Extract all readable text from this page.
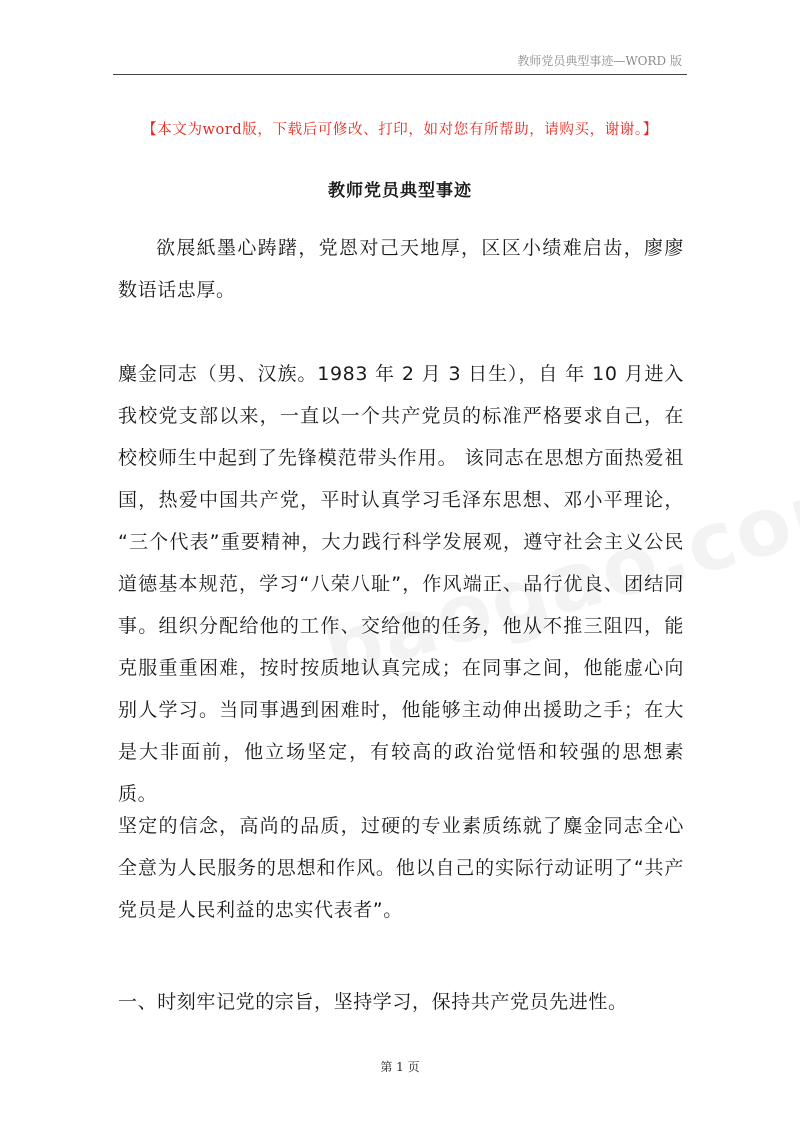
教师党员典型事迹—WORD 版
【本文为word版，下载后可修改、打印，如对您有所帮助，请购买，谢谢。】
教师党员典型事迹

欲展紙墨心踌躇，党恩对己天地厚，区区小绩难启齿，廖廖数语话忠厚。

麋金同志（男、汉族。1983 年 2 月 3 日生），自 年 10 月进入我校党支部以来，一直以一个共产党员的标准严格要求自己，在校校师生中起到了先锋模范带头作用。 该同志在思想方面热爱祖国，热爱中国共产党，平时认真学习毛泽东思想、邓小平理论， “三个代表”重要精神，大力践行科学发展观，遵守社会主义公民道德基本规范，学习“八荣八耻”，作风端正、品行优良、团结同事。组织分配给他的工作、交给他的任务，他从不推三阻四，能克服重重困难，按时按质地认真完成；在同事之间，他能虚心向别人学习。当同事遇到困难时，他能够主动伸出援助之手；在大是大非面前，他立场坚定，有较高的政治觉悟和较强的思想素质。

坚定的信念，高尚的品质，过硬的专业素质练就了麋金同志全心全意为人民服务的思想和作风。他以自己的实际行动证明了“共产党员是人民利益的忠实代表者”。

一、时刻牢记党的宗旨，坚持学习，保持共产党员先进性。

第 1 页
